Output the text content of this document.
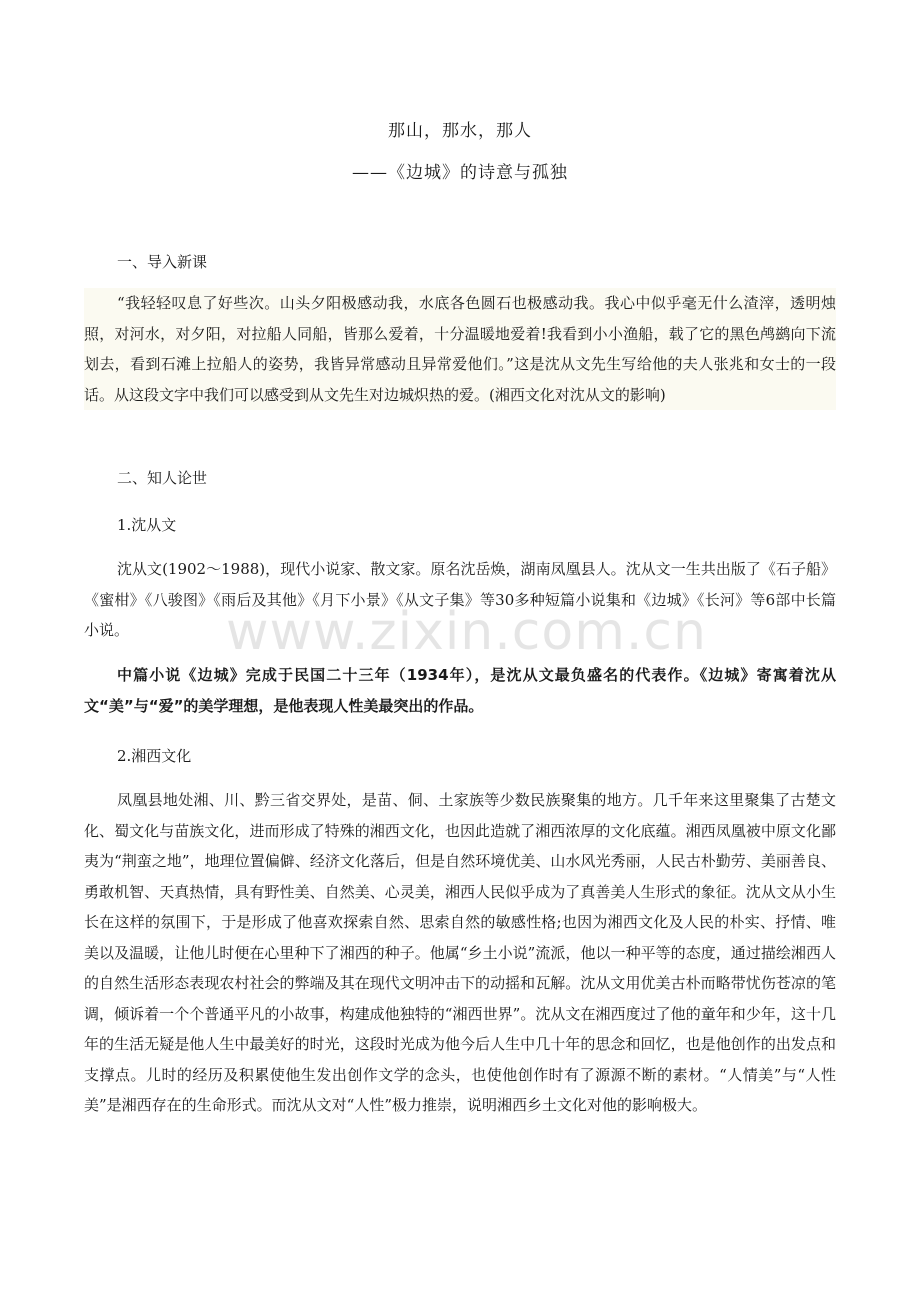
那山，那水，那人
——《边城》的诗意与孤独
一、导入新课

“我轻轻叹息了好些次。山头夕阳极感动我，水底各色圆石也极感动我。我心中似乎毫无什么渣滓，透明烛照，对河水，对夕阳，对拉船人同船，皆那么爱着，十分温暖地爱着!我看到小小渔船，载了它的黑色鸬鹚向下流划去，看到石滩上拉船人的姿势，我皆异常感动且异常爱他们。”这是沈从文先生写给他的夫人张兆和女士的一段话。从这段文字中我们可以感受到从文先生对边城炽热的爱。(湘西文化对沈从文的影响)

二、知人论世
1.沈从文

沈从文(1902～1988)，现代小说家、散文家。原名沈岳焕，湖南凤凰县人。沈从文一生共出版了《石子船》《蜜柑》《八骏图》《雨后及其他》《月下小景》《从文子集》等30多种短篇小说集和《边城》《长河》等6部中长篇小说。

中篇小说《边城》完成于民国二十三年（1934年），是沈从文最负盛名的代表作。《边城》寄寓着沈从文“美”与“爱”的美学理想，是他表现人性美最突出的作品。

2.湘西文化

凤凰县地处湘、川、黔三省交界处，是苗、侗、土家族等少数民族聚集的地方。几千年来这里聚集了古楚文化、蜀文化与苗族文化，进而形成了特殊的湘西文化，也因此造就了湘西浓厚的文化底蕴。湘西凤凰被中原文化鄙夷为“荆蛮之地”，地理位置偏僻、经济文化落后，但是自然环境优美、山水风光秀丽，人民古朴勤劳、美丽善良、勇敢机智、天真热情，具有野性美、自然美、心灵美，湘西人民似乎成为了真善美人生形式的象征。沈从文从小生长在这样的氛围下，于是形成了他喜欢探索自然、思索自然的敏感性格;也因为湘西文化及人民的朴实、抒情、唯美以及温暖，让他儿时便在心里种下了湘西的种子。他属“乡土小说”流派，他以一种平等的态度，通过描绘湘西人的自然生活形态表现农村社会的弊端及其在现代文明冲击下的动摇和瓦解。沈从文用优美古朴而略带忧伤苍凉的笔调，倾诉着一个个普通平凡的小故事，构建成他独特的“湘西世界”。沈从文在湘西度过了他的童年和少年，这十几年的生活无疑是他人生中最美好的时光，这段时光成为他今后人生中几十年的思念和回忆，也是他创作的出发点和支撑点。儿时的经历及积累使他生发出创作文学的念头，也使他创作时有了源源不断的素材。“人情美”与“人性美”是湘西存在的生命形式。而沈从文对“人性”极力推崇，说明湘西乡土文化对他的影响极大。

www.zixin.com.cn
